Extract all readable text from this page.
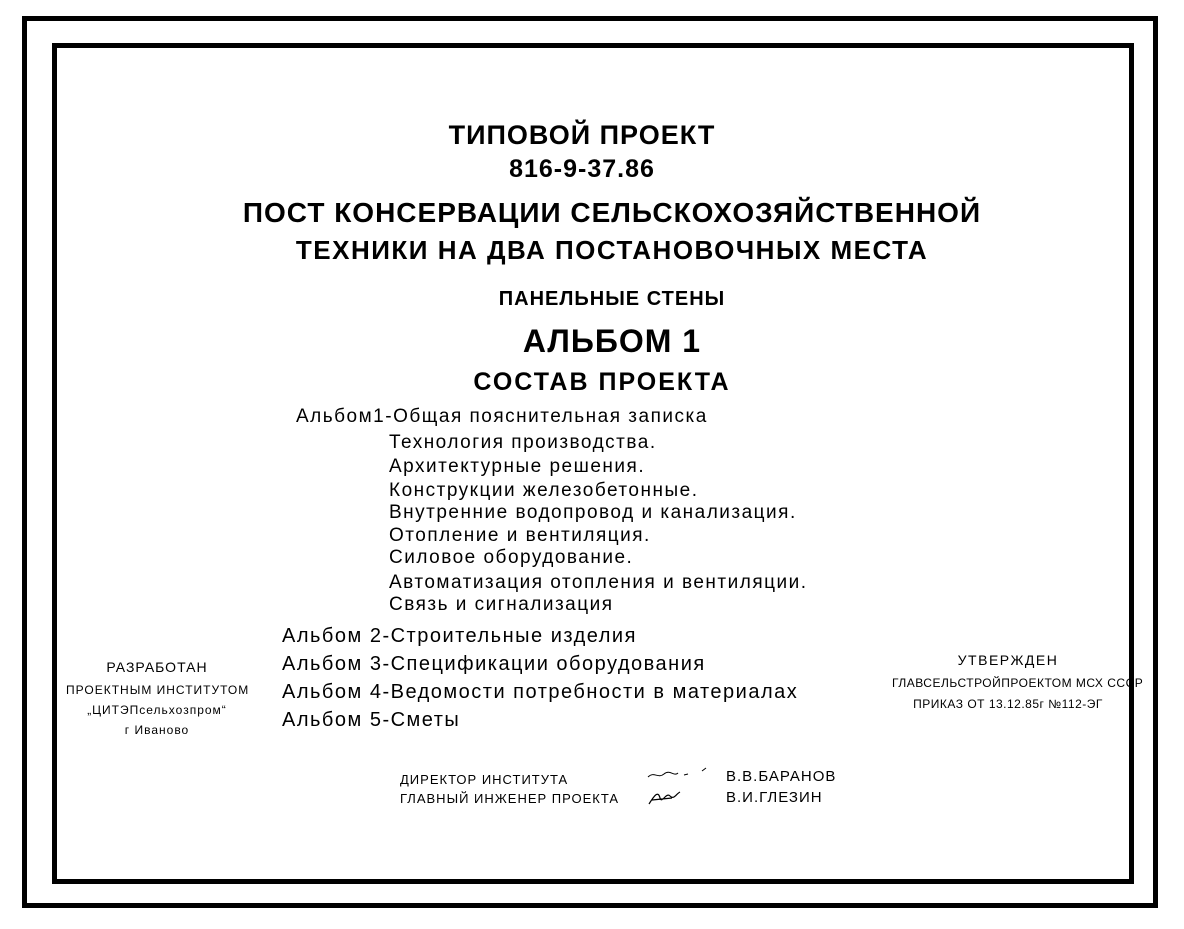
ТИПОВОЙ ПРОЕКТ
816-9-37.86
ПОСТ КОНСЕРВАЦИИ СЕЛЬСКОХОЗЯЙСТВЕННОЙ
ТЕХНИКИ НА ДВА ПОСТАНОВОЧНЫХ МЕСТА
ПАНЕЛЬНЫЕ СТЕНЫ
АЛЬБОМ 1
СОСТАВ ПРОЕКТА
Альбом1-Общая пояснительная записка
Технология производства.
Архитектурные решения.
Конструкции железобетонные.
Внутренние водопровод и канализация.
Отопление и вентиляция.
Силовое оборудование.
Автоматизация отопления и вентиляции.
Связь и сигнализация
Альбом 2-Строительные изделия
Альбом 3-Спецификации оборудования
Альбом 4-Ведомости потребности в материалах
Альбом 5-Сметы
РАЗРАБОТАН
ПРОЕКТНЫМ ИНСТИТУТОМ
„ЦИТЭПсельхозпром“
г Иваново
УТВЕРЖДЕН
ГЛАВСЕЛЬСТРОЙПРОЕКТОМ МСХ СССР
ПРИКАЗ ОТ 13.12.85г №112-ЭГ
ДИРЕКТОР ИНСТИТУТА
ГЛАВНЫЙ ИНЖЕНЕР ПРОЕКТА
В.В.БАРАНОВ
В.И.ГЛЕЗИН
